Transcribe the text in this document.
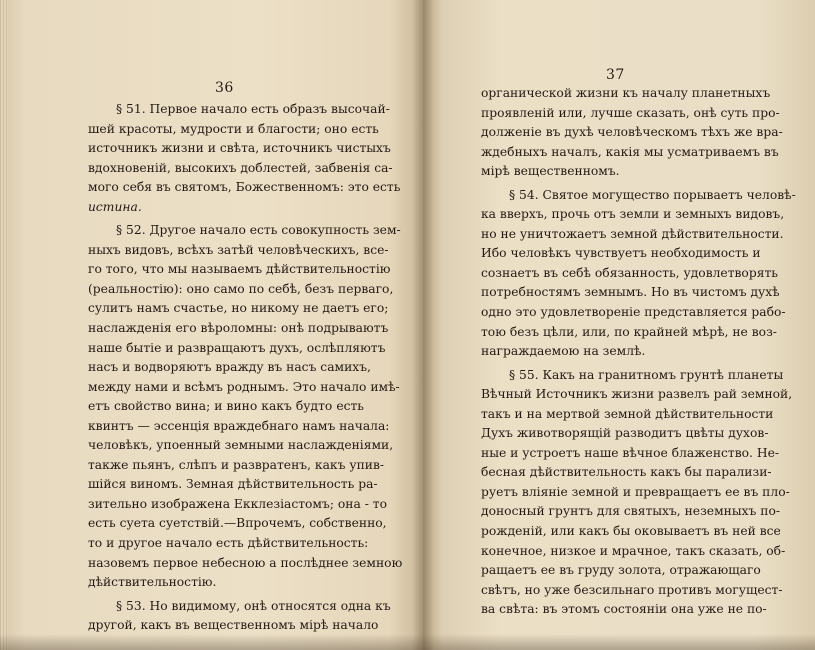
36
§ 51. Первое начало есть образъ высочай-
шей красоты, мудрости и благости; оно есть
источникъ жизни и свѣта, источникъ чистыхъ
вдохновеній, высокихъ доблестей, забвенія са-
мого себя въ святомъ, Божественномъ: это есть
истина.
§ 52. Другое начало есть совокупность зем-
ныхъ видовъ, всѣхъ затѣй человѣческихъ, все-
го того, что мы называемъ дѣйствительностію
(реальностію): оно само по себѣ, безъ перваго,
сулитъ намъ счастье, но никому не даетъ его;
наслажденія его вѣроломны: онѣ подрываютъ
наше бытіе и развращаютъ духъ, ослѣпляютъ
насъ и водворяютъ вражду въ насъ самихъ,
между нами и всѣмъ роднымъ. Это начало имѣ-
етъ свойство вина; и вино какъ будто есть
квинтъ — эссенція враждебнаго намъ начала:
человѣкъ, упоенный земными наслажденіями,
также пьянъ, слѣпъ и развратенъ, какъ упив-
шійся виномъ. Земная дѣйствительность ра-
зительно изображена Екклезіастомъ; она - то
есть суета суетствій.—Впрочемъ, собственно,
то и другое начало есть дѣйствительность:
назовемъ первое небесною а послѣднее земною
дѣйствительностію.
§ 53. Но видимому, онѣ относятся одна къ
другой, какъ въ вещественномъ мірѣ начало
37
органической жизни къ началу планетныхъ
проявленій или, лучше сказать, онѣ суть про-
долженіе въ духѣ человѣческомъ тѣхъ же вра-
ждебныхъ началъ, какія мы усматриваемъ въ
мірѣ вещественномъ.
§ 54. Святое могущество порываетъ человѣ-
ка вверхъ, прочь отъ земли и земныхъ видовъ,
но не уничтожаетъ земной дѣйствительности.
Ибо человѣкъ чувствуетъ необходимость и
сознаетъ въ себѣ обязанность, удовлетворять
потребностямъ земнымъ. Но въ чистомъ духѣ
одно это удовлетвореніе представляется рабо-
тою безъ цѣли, или, по крайней мѣрѣ, не воз-
награждаемою на землѣ.
§ 55. Какъ на гранитномъ грунтѣ планеты
Вѣчный Источникъ жизни развелъ рай земной,
такъ и на мертвой земной дѣйствительности
Духъ животворящій разводитъ цвѣты духов-
ные и устроетъ наше вѣчное блаженство. Не-
бесная дѣйствительность какъ бы парализи-
руетъ вліяніе земной и превращаетъ ее въ пло-
доносный грунтъ для святыхъ, неземныхъ по-
рожденій, или какъ бы оковываетъ въ ней все
конечное, низкое и мрачное, такъ сказать, об-
ращаетъ ее въ груду золота, отражающаго
свѣтъ, но уже безсильнаго противъ могущест-
ва свѣта: въ этомъ состояніи она уже не по-
